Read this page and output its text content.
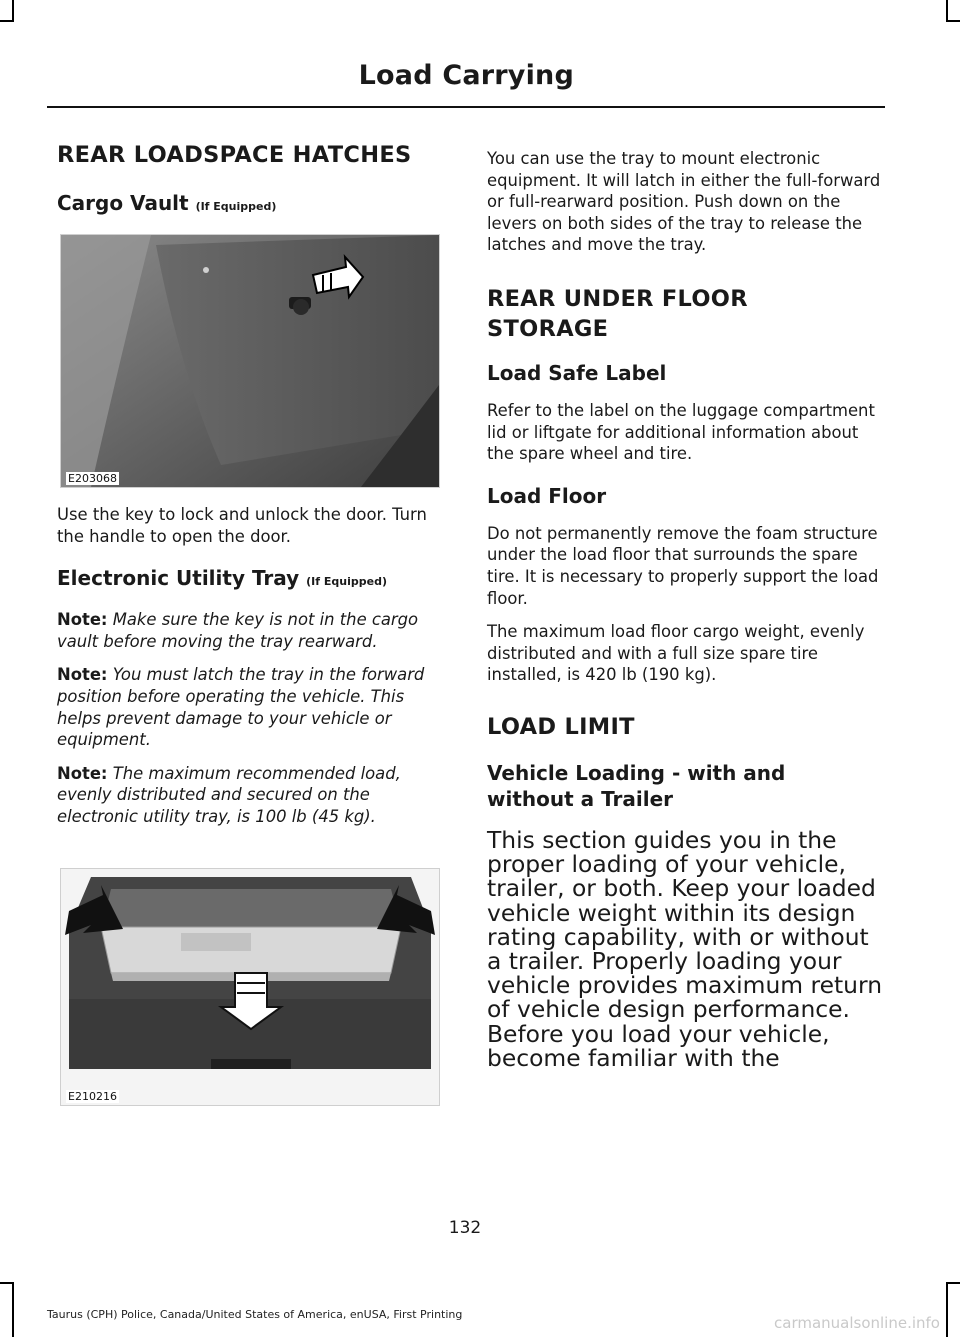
Load Carrying
REAR LOADSPACE HATCHES
Cargo Vault (If Equipped)
E203068

Use the key to lock and unlock the door. Turn the handle to open the door.

Electronic Utility Tray (If Equipped)

Note: Make sure the key is not in the cargo vault before moving the tray rearward.

Note: You must latch the tray in the forward position before operating the vehicle. This helps prevent damage to your vehicle or equipment.

Note: The maximum recommended load, evenly distributed and secured on the electronic utility tray, is 100 lb (45 kg).

E210216

You can use the tray to mount electronic equipment. It will latch in either the full-forward or full-rearward position. Push down on the levers on both sides of the tray to release the latches and move the tray.

REAR UNDER FLOOR
STORAGE
Load Safe Label

Refer to the label on the luggage compartment lid or liftgate for additional information about the spare wheel and tire.

Load Floor

Do not permanently remove the foam structure under the load floor that surrounds the spare tire. It is necessary to properly support the load floor.

The maximum load floor cargo weight, evenly distributed and with a full size spare tire installed, is 420 lb (190 kg).

LOAD LIMIT
Vehicle Loading - with and
without a Trailer

This section guides you in the

proper loading of your vehicle,

trailer, or both. Keep your loaded

vehicle weight within its design

rating capability, with or without

a trailer. Properly loading your

vehicle provides maximum return

of vehicle design performance.

Before you load your vehicle,

become familiar with the

132
Taurus (CPH) Police, Canada/United States of America, enUSA, First Printing	carmanualsonline.info
